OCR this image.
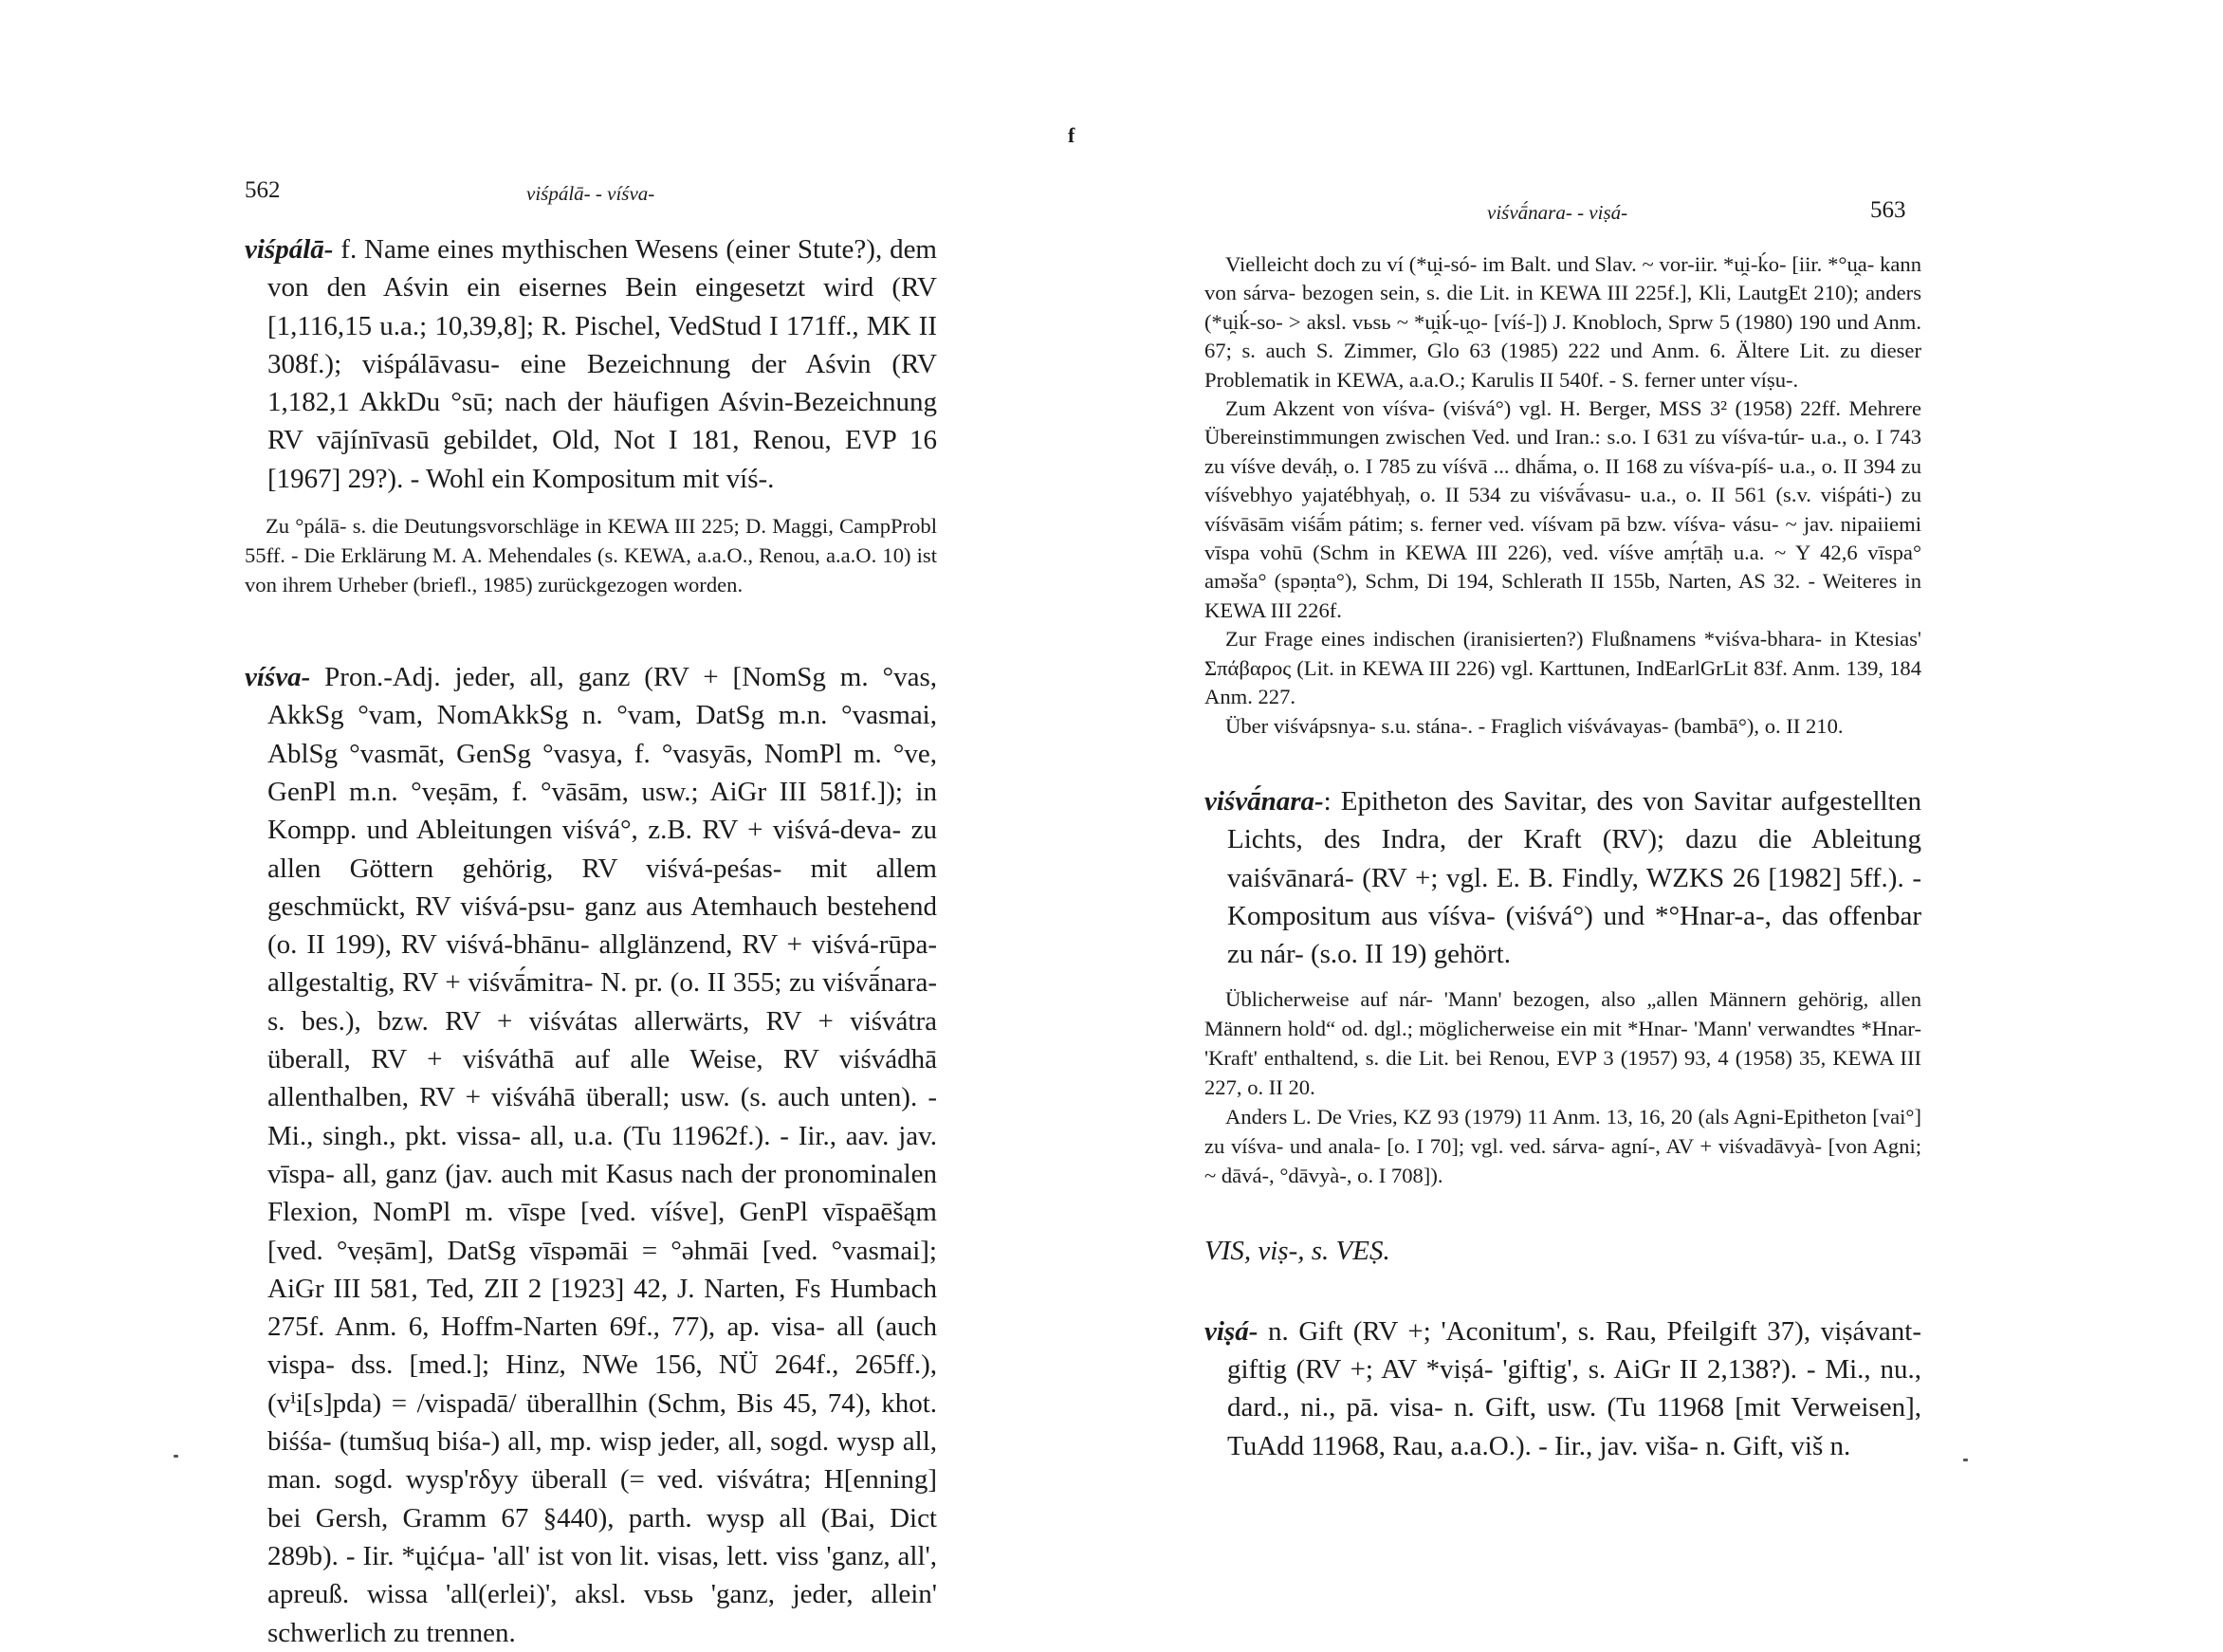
562	viśpálā- - víśva-
viśpálā- f. Name eines mythischen Wesens (einer Stute?), dem von den Aśvin ein eisernes Bein eingesetzt wird (RV [1,116,15 u.a.; 10,39,8]; R. Pischel, VedStud I 171ff., MK II 308f.); viśpálāvasu- eine Bezeichnung der Aśvin (RV 1,182,1 AkkDu °sū; nach der häufigen Aśvin-Bezeichnung RV vājínīvasū gebildet, Old, Not I 181, Renou, EVP 16 [1967] 29?). - Wohl ein Kompositum mit víś-.

Zu °pálā- s. die Deutungsvorschläge in KEWA III 225; D. Maggi, CampProbl 55ff. - Die Erklärung M. A. Mehendales (s. KEWA, a.a.O., Renou, a.a.O. 10) ist von ihrem Urheber (briefl., 1985) zurückgezogen worden.

víśva- Pron.-Adj. jeder, all, ganz (RV + [NomSg m. °vas, AkkSg °vam, NomAkkSg n. °vam, DatSg m.n. °vasmai, AblSg °vasmāt, GenSg °vasya, f. °vasyās, NomPl m. °ve, GenPl m.n. °veṣām, f. °vāsām, usw.; AiGr III 581f.]); in Kompp. und Ableitungen viśvá°, z.B. RV + viśvá-deva- zu allen Göttern gehörig, RV viśvá-peśas- mit allem geschmückt, RV viśvá-psu- ganz aus Atemhauch bestehend (o. II 199), RV viśvá-bhānu- allglänzend, RV + viśvá-rūpa- allgestaltig, RV + viśvā́mitra- N. pr. (o. II 355; zu viśvā́nara- s. bes.), bzw. RV + viśvátas allerwärts, RV + viśvátra überall, RV + viśváthā auf alle Weise, RV viśvádhā allenthalben, RV + viśváhā überall; usw. (s. auch unten). - Mi., singh., pkt. vissa- all, u.a. (Tu 11962f.). - Iir., aav. jav. vīspa- all, ganz (jav. auch mit Kasus nach der pronominalen Flexion, NomPl m. vīspe [ved. víśve], GenPl vīspaēšąm [ved. °veṣām], DatSg vīspəmāi = °əhmāi [ved. °vasmai]; AiGr III 581, Ted, ZII 2 [1923] 42, J. Narten, Fs Humbach 275f. Anm. 6, Hoffm-Narten 69f., 77), ap. visa- all (auch vispa- dss. [med.]; Hinz, NWe 156, NÜ 264f., 265ff.), (vⁱi[s]pda) = /vispadā/ überallhin (Schm, Bis 45, 74), khot. biśśa- (tumšuq biśa-) all, mp. wisp jeder, all, sogd. wysp all, man. sogd. wysp'rδyy überall (= ved. viśvátra; H[enning] bei Gersh, Gramm 67 §440), parth. wysp all (Bai, Dict 289b). - Iir. *u̯ićμa- 'all' ist von lit. visas, lett. viss 'ganz, all', apreuß. wissa 'all(erlei)', aksl. vьsь 'ganz, jeder, allein' schwerlich zu trennen.
f
viśvā́nara- - viṣá-	563

Vielleicht doch zu ví (*u̯i-só- im Balt. und Slav. ~ vor-iir. *u̯i-ḱo- [iir. *°u̯a- kann von sárva- bezogen sein, s. die Lit. in KEWA III 225f.], Kli, LautgEt 210); anders (*u̯iḱ-so- > aksl. vьsь ~ *u̯iḱ-u̯o- [víś-]) J. Knobloch, Sprw 5 (1980) 190 und Anm. 67; s. auch S. Zimmer, Glo 63 (1985) 222 und Anm. 6. Ältere Lit. zu dieser Problematik in KEWA, a.a.O.; Karulis II 540f. - S. ferner unter víṣu-.

Zum Akzent von víśva- (viśvá°) vgl. H. Berger, MSS 3² (1958) 22ff. Mehrere Übereinstimmungen zwischen Ved. und Iran.: s.o. I 631 zu víśva-túr- u.a., o. I 743 zu víśve deváḥ, o. I 785 zu víśvā ... dhā́ma, o. II 168 zu víśva-píś- u.a., o. II 394 zu víśvebhyo yajatébhyaḥ, o. II 534 zu viśvā́vasu- u.a., o. II 561 (s.v. viśpáti-) zu víśvāsām viśā́m pátim; s. ferner ved. víśvam pā bzw. víśva- vásu- ~ jav. nipaiiemi vīspa vohū (Schm in KEWA III 226), ved. víśve amṛ́tāḥ u.a. ~ Y 42,6 vīspa° aməša° (spəṇta°), Schm, Di 194, Schlerath II 155b, Narten, AS 32. - Weiteres in KEWA III 226f.

Zur Frage eines indischen (iranisierten?) Flußnamens *viśva-bhara- in Ktesias' Σπάβαρος (Lit. in KEWA III 226) vgl. Karttunen, IndEarlGrLit 83f. Anm. 139, 184 Anm. 227.

Über viśvápsnya- s.u. stána-. - Fraglich viśvávayas- (bambā°), o. II 210.

viśvā́nara-: Epitheton des Savitar, des von Savitar aufgestellten Lichts, des Indra, der Kraft (RV); dazu die Ableitung vaiśvānará- (RV +; vgl. E. B. Findly, WZKS 26 [1982] 5ff.). - Kompositum aus víśva- (viśvá°) und *°Hnar-a-, das offenbar zu nár- (s.o. II 19) gehört.

Üblicherweise auf nár- 'Mann' bezogen, also „allen Männern gehörig, allen Männern hold“ od. dgl.; möglicherweise ein mit *Hnar- 'Mann' verwandtes *Hnar- 'Kraft' enthaltend, s. die Lit. bei Renou, EVP 3 (1957) 93, 4 (1958) 35, KEWA III 227, o. II 20.

Anders L. De Vries, KZ 93 (1979) 11 Anm. 13, 16, 20 (als Agni-Epitheton [vai°] zu víśva- und anala- [o. I 70]; vgl. ved. sárva- agní-, AV + viśvadāvyà- [von Agni; ~ dāvá-, °dāvyà-, o. I 708]).

VIS, viṣ-, s. VEṢ.
viṣá- n. Gift (RV +; 'Aconitum', s. Rau, Pfeilgift 37), viṣávant- giftig (RV +; AV *viṣá- 'giftig', s. AiGr II 2,138?). - Mi., nu., dard., ni., pā. visa- n. Gift, usw. (Tu 11968 [mit Verweisen], TuAdd 11968, Rau, a.a.O.). - Iir., jav. viša- n. Gift, viš n.
